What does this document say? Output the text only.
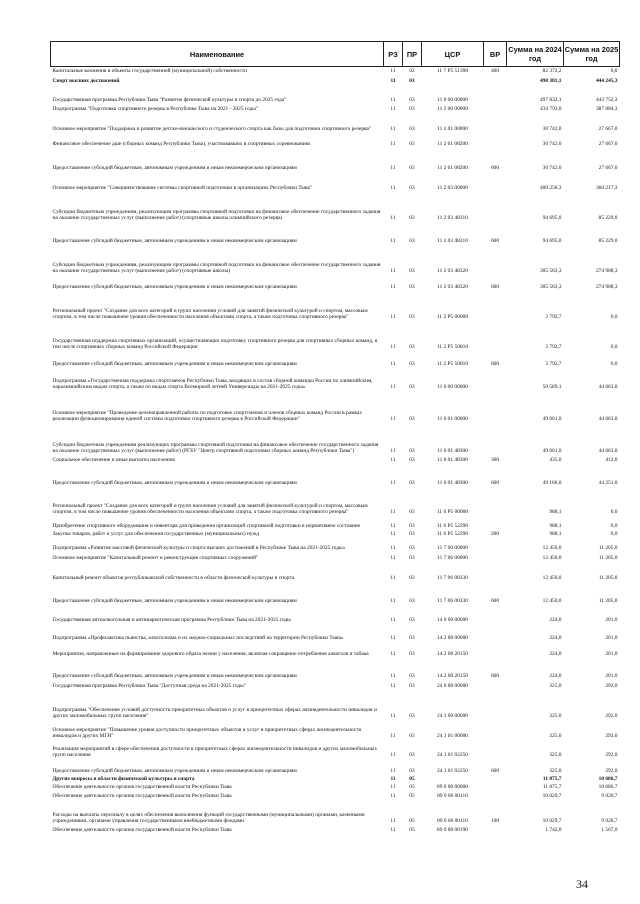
Наименование	РЗ	ПР	ЦСР	ВР	Сумма на 2024 год	Сумма на 2025 год
Капитальные вложения в объекты государственной (муниципальной) собственности	11	02	11 7 P5 51390	400	82 372,2	0,0
Спорт высших достижений	11	03			498 381,1	444 245,3
Государственная программа Республики Тыва "Развитие физической культуры и спорта до 2025 года"	11	03	11 0 00 00000		497 832,1	443 752,3
Подпрограмма "Подготовка спортивного резерва в Республике Тыва на 2021 - 2025 годы"	11	03	11 2 00 00000		434 793,0	387 884,3
Основное мероприятие "Поддержка и развитие детско-юношеского и студенческого спорта как базы для подготовки спортивного резерва"	11	03	11 2 01 00000		30 742,0	27 667,0
Финансовое обеспечение дше (сборных команд Республики Тыва), участвовавших в спортивных соревнованиях	11	03	11 2 01 08200		30 742,0	27 667,0
Предоставление субсидий бюджетным, автономным учреждениям и иным некоммерческим организациям	11	03	11 2 01 08200	600	30 742,0	27 667,0
Основное мероприятие "Совершенствование системы спортивной подготовки в организациях Республики Тыва"	11	03	11 2 03 00000		400 258,3	360 217,3
Субсидии бюджетным учреждениям, реализующим программы спортивной подготовки на финансовое обеспечение государственного задания на оказание государственных услуг (выполнение работ) (спортивные школы олимпийского резерва)	11	03	11 2 03 48310		94 695,0	85 229,0
Предоставление субсидий бюджетным, автономным учреждениям и иным некоммерческим организациям	11	03	11 2 03 48310	600	94 695,0	85 229,0
Субсидии бюджетным учреждениям, реализующим программы спортивной подготовки на финансовое обеспечение государственного задания на оказание государственных услуг (выполнение работ) (спортивные школы)	11	03	11 2 03 48320		305 563,3	274 988,3
Предоставление субсидий бюджетным, автономным учреждениям и иным некоммерческим организациям	11	03	11 2 03 48320	600	305 563,3	274 988,3
Региональный проект "Создание для всех категорий и групп населения условий для занятий физической культурой и спортом, массовым спортом, в том числе повышение уровня обеспеченности населения объектами спорта, а также подготовка спортивного резерва"	11	03	11 2 P5 00000		3 792,7	0,0
Государственная поддержка спортивных организаций, осуществляющих подготовку спортивного резерва для спортивных сборных команд, в том числе спортивных сборных команд Российской Федерации	11	03	11 2 P5 50810		3 792,7	0,0
Предоставление субсидий бюджетным, автономным учреждениям и иным некоммерческим организациям	11	03	11 2 P5 50810	600	3 792,7	0,0
Подпрограмма «Государственная поддержка спортсменов Республики Тыва, входящих в состав сборной команды России по олимпийским, паралимпийским видам спорта, а также по видам спорта Всемирной летней Универсиады на 2021-2025 годы»	11	03	11 6 00 00000		50 589,1	44 663,0
Основное мероприятие "Проведение целенаправленной работы по подготовке спортсменов и членов сборных команд России в рамках реализации функционирования единой системы подготовки спортивного резерва в Российской Федерации"	11	03	11 6 01 00000		49 601,0	44 663,0
Субсидии бюджетным учреждениям реализующих программы спортивной подготовки на финансовое обеспечение государственного задания на оказание государственных услуг (выполнение работ) (РГБУ "Центр спортивной подготовки сборных команд Республики Тыва")	11	03	11 6 01 48300		49 601,0	44 663,0
Социальное обеспечение и иные выплаты населению	11	03	11 6 01 48300	300	435,0	412,0
Предоставление субсидий бюджетным, автономным учреждениям и иным некоммерческим организациям	11	03	11 6 01 48300	600	49 166,0	44 251,0
Региональный проект "Создание для всех категорий и групп населения условий для занятий физической культурой и спортом, массовым спортом, в том числе повышение уровня обеспеченности населения объектами спорта, а также подготовка спортивного резерва"	11	03	11 6 P5 00000		988,1	0,0
Приобретение спортивного оборудования и инвентаря для приведения организаций спортивной подготовки в нормативное состояние	11	03	11 6 P5 52290		988,1	0,0
Закупка товаров, работ и услуг для обеспечения государственных (муниципальных) нужд	11	03	11 6 P5 52290	200	988,1	0,0
Подпрограмма «Развитие массовой физической культуры и спорта высших достижений в Республике Тыва на 2021-2025 годы»	11	03	11 7 00 00000		12 450,0	11 205,0
Основное мероприятие "Капитальный ремонт и реконструкция спортивных сооружений"	11	03	11 7 06 00000		12 450,0	11 205,0
Капитальный ремонт объектов республиканской собственности в области физической культуры и спорта	11	03	11 7 06 00330		12 450,0	11 205,0
Предоставление субсидий бюджетным, автономным учреждениям и иным некоммерческим организациям	11	03	11 7 06 00330	600	12 450,0	11 205,0
Государственная антиалкогольная и антинаркотическая программа Республики Тыва на 2021-2025 годы	11	03	14 0 00 00000		224,0	201,0
Подпрограмма «Профилактика пьянства, алкоголизма и их медико-социальных последствий на территории Республики Тыва»	11	03	14 2 00 00000		224,0	201,0
Мероприятия, направленные на формирование здорового образа жизни у населения, включая сокращение потребления алкоголя и табака	11	03	14 2 00 20150		224,0	201,0
Предоставление субсидий бюджетным, автономным учреждениям и иным некоммерческим организациям	11	03	14 2 00 20150	600	224,0	201,0
Государственная программа Республики Тыва "Доступная среда на 2021-2025 годы"	11	03	24 0 00 00000		325,0	292,0
Подпрограмма "Обеспечение условий доступности приоритетных объектов и услуг в приоритетных сферах жизнедеятельности инвалидов и других маломобильных групп населения"	11	03	24 1 00 00000		325,0	292,0
Основное мероприятие "Повышение уровня доступности приоритетных объектов и услуг в приоритетных сферах жизнедеятельности инвалидов и других МГН"	11	03	24 1 01 00000		325,0	292,0
Реализация мероприятий в сфере обеспечения доступности в приоритетных сферах жизнедеятельности инвалидов и других маломобильных групп населения	11	03	24 1 01 02250		325,0	292,0
Предоставление субсидий бюджетным, автономным учреждениям и иным некоммерческим организациям	11	03	24 1 01 02250	600	325,0	292,0
Другие вопросы в области физической культуры и спорта	11	05			11 875,7	10 686,7
Обеспечение деятельности органов государственной власти Республики Тыва	11	05	89 0 00 00000		11 875,7	10 686,7
Обеспечение деятельности органов государственной власти Республики Тыва	11	05	89 0 00 00110		10 029,7	9 026,7
Расходы на выплаты персоналу в целях обеспечения выполнения функций государственными (муниципальными) органами, казенными учреждениями, органами управления государственными внебюджетными фондами	11	05	89 0 00 00110	100	10 029,7	9 026,7
Обеспечение деятельности органов государственной власти Республики Тыва	11	05	89 0 00 00190		1 742,0	1 567,0
34
